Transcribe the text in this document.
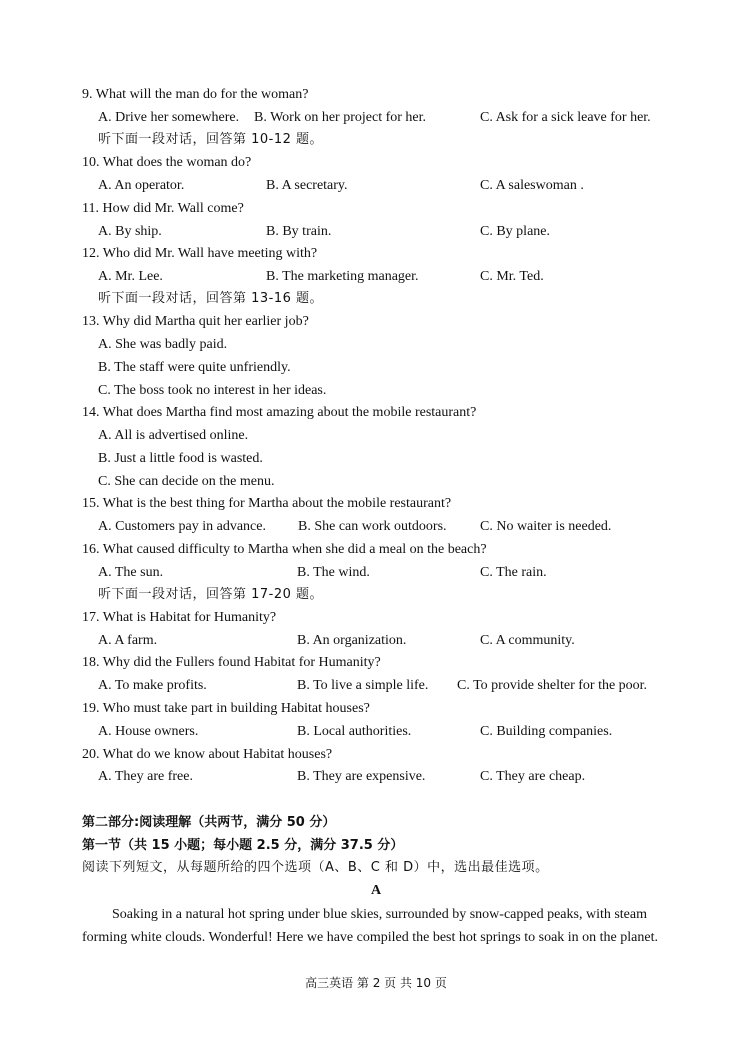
9. What will the man do for the woman?
A. Drive her somewhere. B. Work on her project for her.	C. Ask for a sick leave for her.
听下面一段对话，回答第 10-12 题。
10. What does the woman do?
A. An operator.	B. A secretary.	C. A saleswoman .
11. How did Mr. Wall come?
A. By ship.	B. By train.	C. By plane.
12. Who did Mr. Wall have meeting with?
A. Mr. Lee.	B. The marketing manager.	C. Mr. Ted.
听下面一段对话，回答第 13-16 题。
13. Why did Martha quit her earlier job?
A. She was badly paid.
B. The staff were quite unfriendly.
C. The boss took no interest in her ideas.
14. What does Martha find most amazing about the mobile restaurant?
A. All is advertised online.
B. Just a little food is wasted.
C. She can decide on the menu.
15. What is the best thing for Martha about the mobile restaurant?
A. Customers pay in advance. B. She can work outdoors. C. No waiter is needed.
16. What caused difficulty to Martha when she did a meal on the beach?
A. The sun.	B. The wind.	C. The rain.
听下面一段对话，回答第 17-20 题。
17. What is Habitat for Humanity?
A. A farm.	B. An organization.	C. A community.
18. Why did the Fullers found Habitat for Humanity?
A. To make profits.	B. To live a simple life. C. To provide shelter for the poor.
19. Who must take part in building Habitat houses?
A. House owners.	B. Local authorities.	C. Building companies.
20. What do we know about Habitat houses?
A. They are free.	B. They are expensive.	C. They are cheap.
第二部分:阅读理解（共两节，满分 50 分）
第一节（共 15 小题；每小题 2.5 分，满分 37.5 分）
阅读下列短文，从每题所给的四个选项（A、B、C 和 D）中，选出最佳选项。
A

Soaking in a natural hot spring under blue skies, surrounded by snow-capped peaks, with steam forming white clouds. Wonderful! Here we have compiled the best hot springs to soak in on the planet.

高三英语 第 2 页 共 10 页
